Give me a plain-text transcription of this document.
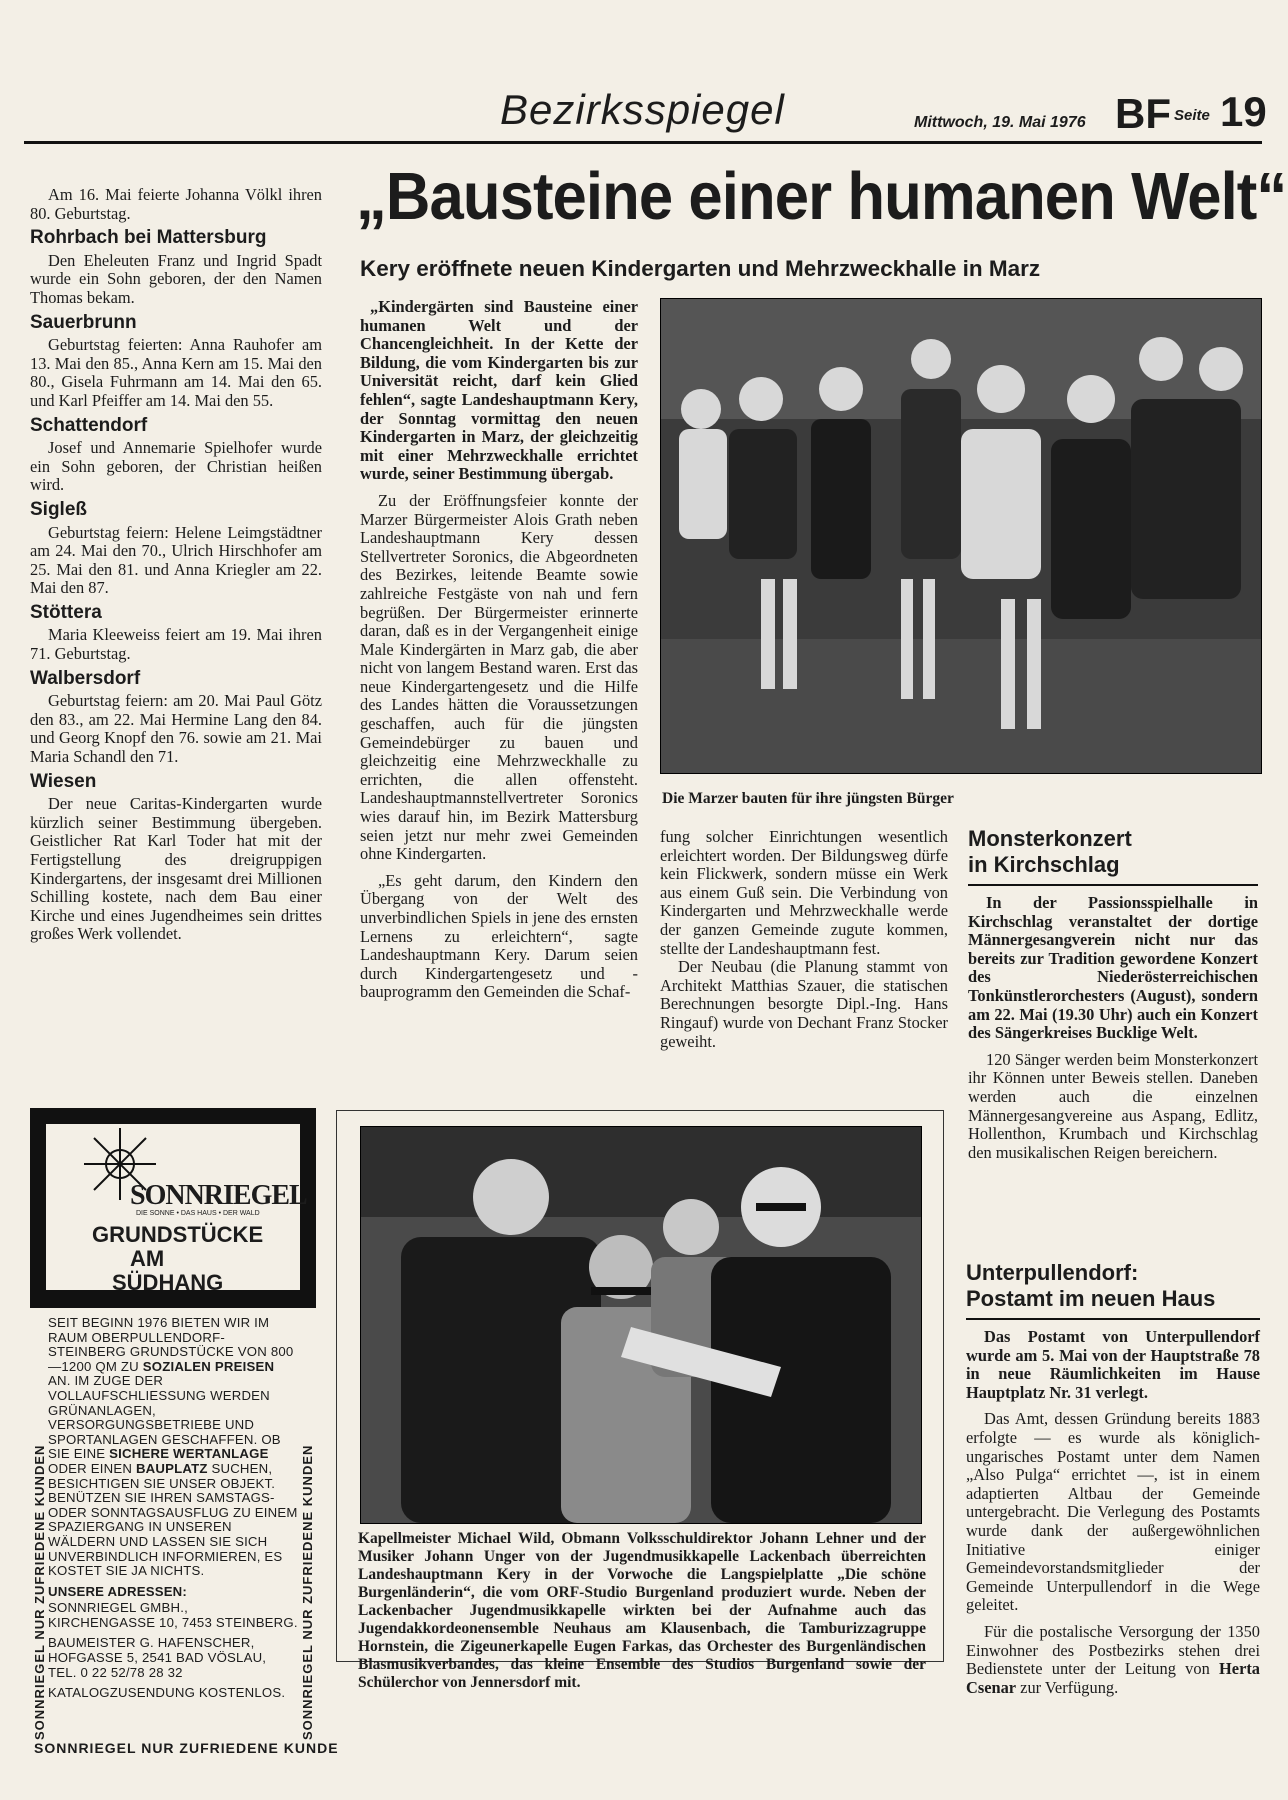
Bezirksspiegel	Mittwoch, 19. Mai 1976 BF Seite 19

Am 16. Mai feierte Johanna Völkl ihren 80. Geburtstag.

Rohrbach bei Mattersburg

Den Eheleuten Franz und Ingrid Spadt wurde ein Sohn geboren, der den Namen Thomas bekam.

Sauerbrunn

Geburtstag feierten: Anna Rauhofer am 13. Mai den 85., Anna Kern am 15. Mai den 80., Gisela Fuhrmann am 14. Mai den 65. und Karl Pfeiffer am 14. Mai den 55.

Schattendorf

Josef und Annemarie Spielhofer wurde ein Sohn geboren, der Christian heißen wird.

Sigleß

Geburtstag feiern: Helene Leimgstädtner am 24. Mai den 70., Ulrich Hirschhofer am 25. Mai den 81. und Anna Kriegler am 22. Mai den 87.

Stöttera

Maria Kleeweiss feiert am 19. Mai ihren 71. Geburtstag.

Walbersdorf

Geburtstag feiern: am 20. Mai Paul Götz den 83., am 22. Mai Hermine Lang den 84. und Georg Knopf den 76. sowie am 21. Mai Maria Schandl den 71.

Wiesen

Der neue Caritas-Kindergarten wurde kürzlich seiner Bestimmung übergeben. Geistlicher Rat Karl Toder hat mit der Fertigstellung des dreigruppigen Kindergartens, der insgesamt drei Millionen Schilling kostete, nach dem Bau einer Kirche und eines Jugendheimes sein drittes großes Werk vollendet.

„Bausteine einer humanen Welt“
Kery eröffnete neuen Kindergarten und Mehrzweckhalle in Marz

„Kindergärten sind Bausteine einer humanen Welt und der Chancengleichheit. In der Kette der Bildung, die vom Kindergarten bis zur Universität reicht, darf kein Glied fehlen“, sagte Landeshauptmann Kery, der Sonntag vormittag den neuen Kindergarten in Marz, der gleichzeitig mit einer Mehrzweckhalle errichtet wurde, seiner Bestimmung übergab.

Zu der Eröffnungsfeier konnte der Marzer Bürgermeister Alois Grath neben Landeshauptmann Kery dessen Stellvertreter Soronics, die Abgeordneten des Bezirkes, leitende Beamte sowie zahlreiche Festgäste von nah und fern begrüßen. Der Bürgermeister erinnerte daran, daß es in der Vergangenheit einige Male Kindergärten in Marz gab, die aber nicht von langem Bestand waren. Erst das neue Kindergartengesetz und die Hilfe des Landes hätten die Voraussetzungen geschaffen, auch für die jüngsten Gemeindebürger zu bauen und gleichzeitig eine Mehrzweckhalle zu errichten, die allen offensteht. Landeshauptmannstellvertreter Soronics wies darauf hin, im Bezirk Mattersburg seien jetzt nur mehr zwei Gemeinden ohne Kindergarten.

„Es geht darum, den Kindern den Übergang von der Welt des unverbindlichen Spiels in jene des ernsten Lernens zu erleichtern“, sagte Landeshauptmann Kery. Darum seien durch Kindergartengesetz und -bauprogramm den Gemeinden die Schaf-

Die Marzer bauten für ihre jüngsten Bürger

fung solcher Einrichtungen wesentlich erleichtert worden. Der Bildungsweg dürfe kein Flickwerk, sondern müsse ein Werk aus einem Guß sein. Die Verbindung von Kindergarten und Mehrzweckhalle werde der ganzen Gemeinde zugute kommen, stellte der Landeshauptmann fest.

Der Neubau (die Planung stammt von Architekt Matthias Szauer, die statischen Berechnungen besorgte Dipl.-Ing. Hans Ringauf) wurde von Dechant Franz Stocker geweiht.

Monsterkonzert
in Kirchschlag

In der Passionsspielhalle in Kirchschlag veranstaltet der dortige Männergesangverein nicht nur das bereits zur Tradition gewordene Konzert des Niederösterreichischen Tonkünstlerorchesters (August), sondern am 22. Mai (19.30 Uhr) auch ein Konzert des Sängerkreises Bucklige Welt.

120 Sänger werden beim Monsterkonzert ihr Können unter Beweis stellen. Daneben werden auch die einzelnen Männergesangvereine aus Aspang, Edlitz, Hollenthon, Krumbach und Kirchschlag den musikalischen Reigen bereichern.

Unterpullendorf:
Postamt im neuen Haus

Das Postamt von Unterpullendorf wurde am 5. Mai von der Hauptstraße 78 in neue Räumlichkeiten im Hause Hauptplatz Nr. 31 verlegt.

Das Amt, dessen Gründung bereits 1883 erfolgte — es wurde als königlich-ungarisches Postamt unter dem Namen „Also Pulga“ errichtet —, ist in einem adaptierten Altbau der Gemeinde untergebracht. Die Verlegung des Postamts wurde dank der außergewöhnlichen Initiative einiger Gemeindevorstandsmitglieder der Gemeinde Unterpullendorf in die Wege geleitet.

Für die postalische Versorgung der 1350 Einwohner des Postbezirks stehen drei Bedienstete unter der Leitung von Herta Csenar zur Verfügung.

Kapellmeister Michael Wild, Obmann Volksschuldirektor Johann Lehner und der Musiker Johann Unger von der Jugendmusikkapelle Lackenbach überreichten Landeshauptmann Kery in der Vorwoche die Langspielplatte „Die schöne Burgenländerin“, die vom ORF-Studio Burgenland produziert wurde. Neben der Lackenbacher Jugendmusikkapelle wirkten bei der Aufnahme auch das Jugendakkordeonensemble Neuhaus am Klausenbach, die Tamburizzagruppe Hornstein, die Zigeunerkapelle Eugen Farkas, das Orchester des Burgenländischen Blasmusikverbandes, das kleine Ensemble des Studios Burgenland sowie der Schülerchor von Jennersdorf mit.
SONNRIEGEL
DIE SONNE • DAS HAUS • DER WALD
GRUNDSTÜCKE
AM
SÜDHANG

SEIT BEGINN 1976 BIETEN WIR IM RAUM OBERPULLENDORF-STEINBERG GRUNDSTÜCKE VON 800—1200 QM ZU SOZIALEN PREISEN AN. IM ZUGE DER VOLLAUFSCHLIESSUNG WERDEN GRÜNANLAGEN, VERSORGUNGSBETRIEBE UND SPORTANLAGEN GESCHAFFEN. OB SIE EINE SICHERE WERTANLAGE ODER EINEN BAUPLATZ SUCHEN, BESICHTIGEN SIE UNSER OBJEKT. BENÜTZEN SIE IHREN SAMSTAGS- ODER SONNTAGSAUSFLUG ZU EINEM SPAZIERGANG IN UNSEREN WÄLDERN UND LASSEN SIE SICH UNVERBINDLICH INFORMIEREN, ES KOSTET SIE JA NICHTS.

UNSERE ADRESSEN:

SONNRIEGEL GMBH., KIRCHENGASSE 10, 7453 STEINBERG.

BAUMEISTER G. HAFENSCHER, HOFGASSE 5, 2541 BAD VÖSLAU, TEL. 0 22 52/78 28 32

KATALOGZUSENDUNG KOSTENLOS.

SONNRIEGEL NUR ZUFRIEDENE KUNDEN	SONNRIEGEL NUR ZUFRIEDENE KUNDEN
SONNRIEGEL NUR ZUFRIEDENE KUNDE
